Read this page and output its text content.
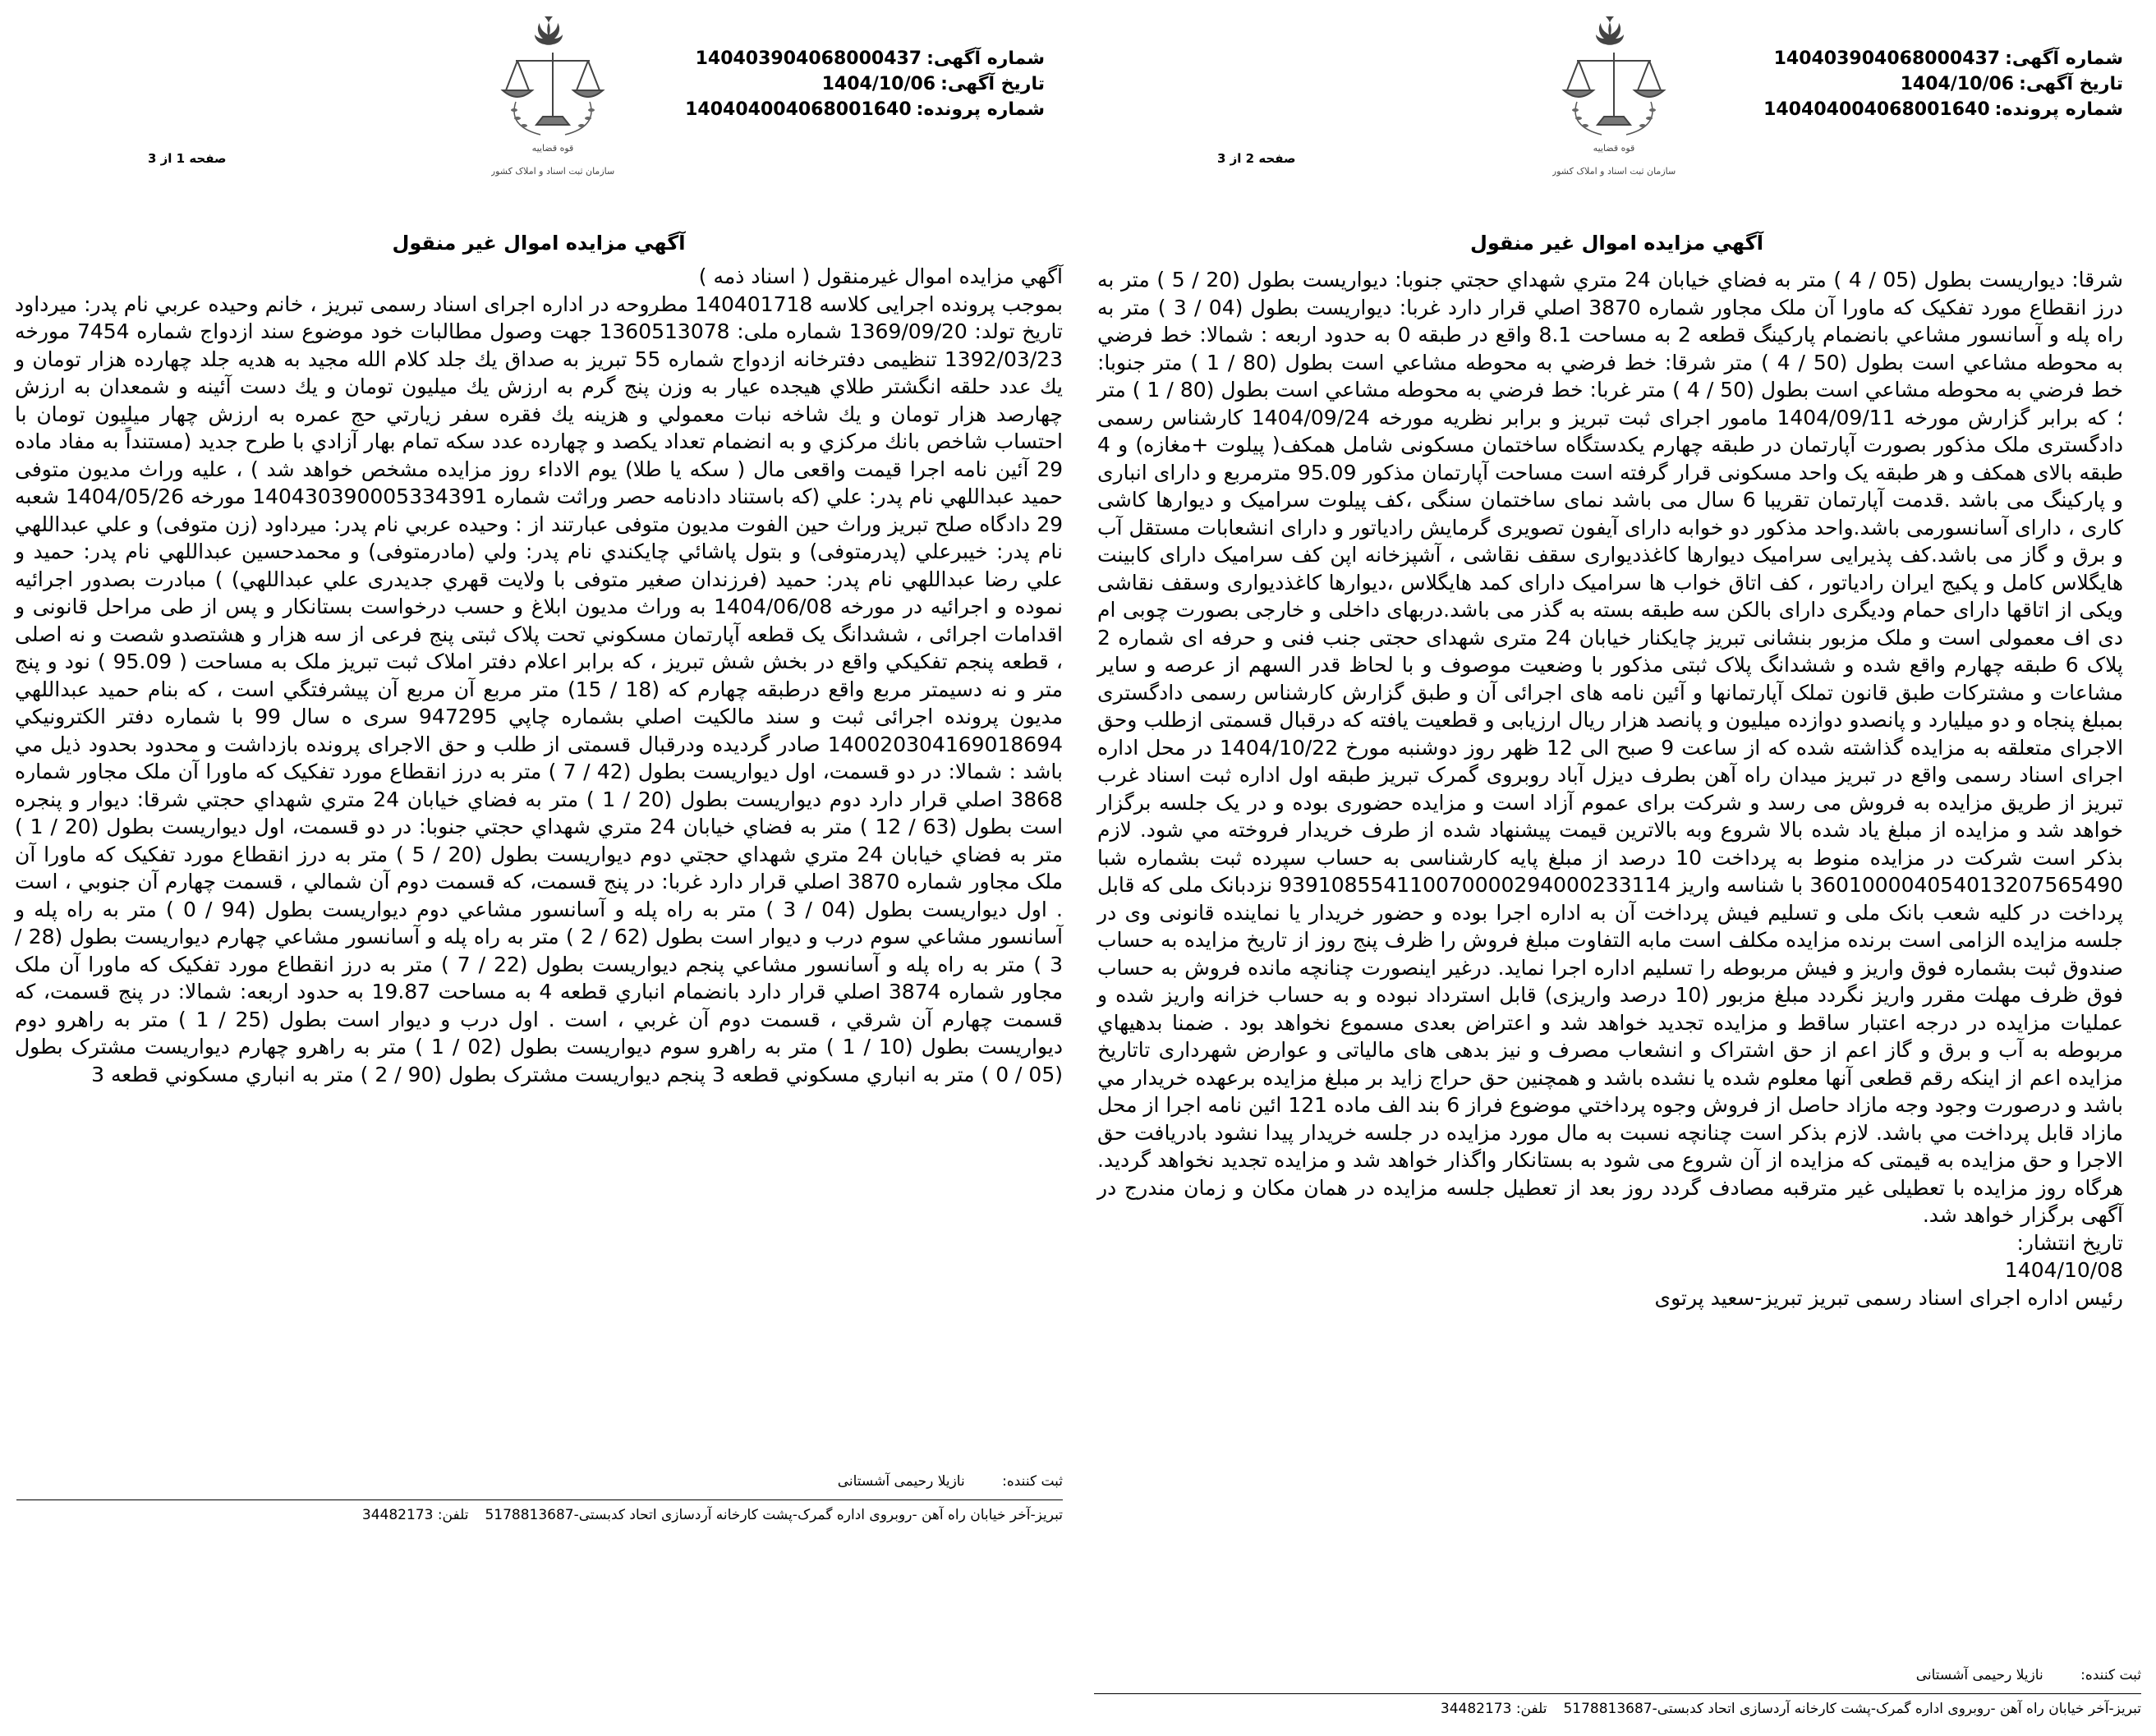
شماره آگهی:140403904068000437
تاریخ آگهی:1404/10/06
شماره پرونده:140404004068001640
قوه قضاییه
سازمان ثبت اسناد و املاک کشور
صفحه 1 از 3
آگهي مزايده اموال غير منقول
آگهي مزايده اموال غيرمنقول ( اسناد ذمه )
بموجب پرونده اجرايی كلاسه 140401718 مطروحه در اداره اجرای اسناد رسمی تبريز ، خانم وحيده عربي نام پدر: ميرداود تاريخ تولد: 1369/09/20 شماره ملی: 1360513078 جهت وصول مطالبات خود موضوع سند ازدواج شماره 7454 مورخه 1392/03/23 تنظيمی دفترخانه ازدواج شماره 55 تبريز به صداق يك جلد كلام الله مجيد به هديه جلد چهارده هزار تومان و يك عدد حلقه انگشتر طلاي هيجده عيار به وزن پنج گرم به ارزش يك ميليون تومان و يك دست آئينه و شمعدان به ارزش چهارصد هزار تومان و يك شاخه نبات معمولي و هزينه يك فقره سفر زيارتي حج عمره به ارزش چهار ميليون تومان با احتساب شاخص بانك مركزي و به انضمام تعداد يكصد و چهارده عدد سكه تمام بهار آزادي با طرح جديد (مستنداً به مفاد ماده 29 آئين نامه اجرا قيمت واقعی مال ( سكه يا طلا) يوم الاداء روز مزايده مشخص خواهد شد ) ، عليه وراث مديون متوفی حميد عبداللهي نام پدر: علي (كه باستناد دادنامه حصر وراثت شماره 140430390005334391 مورخه 1404/05/26 شعبه 29 دادگاه صلح تبريز وراث حين الفوت مديون متوفی عبارتند از : وحيده عربي نام پدر: ميرداود (زن متوفی) و علي عبداللهي نام پدر: خيبرعلي (پدرمتوفی) و بتول پاشائي چايكندي نام پدر: ولي (مادرمتوفی) و محمدحسين عبداللهي نام پدر: حميد و علي رضا عبداللهي نام پدر: حميد (فرزندان صغير متوفی با ولايت قهري جديدری علي عبداللهي) ) مبادرت بصدور اجرائيه نموده و اجرائيه در مورخه 1404/06/08 به وراث مديون ابلاغ و حسب درخواست بستانكار و پس از طی مراحل قانونی و اقدامات اجرائی ، ششدانگ يک قطعه آپارتمان مسكوني تحت پلاک ثبتی پنج فرعی از سه هزار و هشتصدو شصت و نه اصلی ، قطعه پنجم تفكيكي واقع در بخش شش تبريز ، كه برابر اعلام دفتر املاک ثبت تبريز ملک به مساحت ( 95.09 ) نود و پنج متر و نه دسيمتر مربع واقع درطبقه چهارم كه (18 / 15) متر مربع آن مربع آن پيشرفتگي است ، كه بنام حميد عبداللهي مديون پرونده اجرائی ثبت و سند مالكيت اصلي بشماره چاپي 947295 سری ه سال 99 با شماره دفتر الكترونيكي 140020304169018694 صادر گرديده ودرقبال قسمتی از طلب و حق الاجرای پرونده بازداشت و محدود بحدود ذيل مي باشد : شمالا: در دو قسمت، اول ديواريست بطول (42 / 7 ) متر به درز انقطاع مورد تفكيک كه ماورا آن ملک مجاور شماره 3868 اصلي قرار دارد دوم ديواريست بطول (20 / 1 ) متر به فضاي خيابان 24 متري شهداي حجتي شرقا: ديوار و پنجره است بطول (63 / 12 ) متر به فضاي خيابان 24 متري شهداي حجتي جنوبا: در دو قسمت، اول ديواريست بطول (20 / 1 ) متر به فضاي خيابان 24 متري شهداي حجتي دوم ديواريست بطول (20 / 5 ) متر به درز انقطاع مورد تفكيک كه ماورا آن ملک مجاور شماره 3870 اصلي قرار دارد غربا: در پنج قسمت، كه قسمت دوم آن شمالي ، قسمت چهارم آن جنوبي ، است . اول ديواريست بطول (04 / 3 ) متر به راه پله و آسانسور مشاعي دوم ديواريست بطول (94 / 0 ) متر به راه پله و آسانسور مشاعي سوم درب و ديوار است بطول (62 / 2 ) متر به راه پله و آسانسور مشاعي چهارم ديواريست بطول (28 / 3 ) متر به راه پله و آسانسور مشاعي پنجم ديواريست بطول (22 / 7 ) متر به درز انقطاع مورد تفكيک كه ماورا آن ملک مجاور شماره 3874 اصلي قرار دارد بانضمام انباري قطعه 4 به مساحت 19.87 به حدود اربعه: شمالا: در پنج قسمت، كه قسمت چهارم آن شرقي ، قسمت دوم آن غربي ، است . اول درب و ديوار است بطول (25 / 1 ) متر به راهرو دوم ديواريست بطول (10 / 1 ) متر به راهرو سوم ديواريست بطول (02 / 1 ) متر به راهرو چهارم ديواريست مشترک بطول (05 / 0 ) متر به انباري مسكوني قطعه 3 پنجم ديواريست مشترک بطول (90 / 2 ) متر به انباري مسكوني قطعه 3
ثبت کننده: نازیلا رحیمی آشستانی
تبریز-آخر خیابان راه آهن -روبروی اداره گمرک-پشت کارخانه آردسازی اتحاد کدبستی-5178813687تلفن: 34482173
شماره آگهی:140403904068000437
تاریخ آگهی:1404/10/06
شماره پرونده:140404004068001640
قوه قضاییه
سازمان ثبت اسناد و املاک کشور
صفحه 2 از 3
آگهي مزايده اموال غير منقول
شرقا: ديواريست بطول (05 / 4 ) متر به فضاي خيابان 24 متري شهداي حجتي جنوبا: ديواريست بطول (20 / 5 ) متر به درز انقطاع مورد تفكيک كه ماورا آن ملک مجاور شماره 3870 اصلي قرار دارد غربا: ديواريست بطول (04 / 3 ) متر به راه پله و آسانسور مشاعي بانضمام پاركينگ قطعه 2 به مساحت 8.1 واقع در طبقه 0 به حدود اربعه : شمالا: خط فرضي به محوطه مشاعي است بطول (50 / 4 ) متر شرقا: خط فرضي به محوطه مشاعي است بطول (80 / 1 ) متر جنوبا: خط فرضي به محوطه مشاعي است بطول (50 / 4 ) متر غربا: خط فرضي به محوطه مشاعي است بطول (80 / 1 ) متر ؛ كه برابر گزارش مورخه 1404/09/11 مامور اجرای ثبت تبريز و برابر نظريه مورخه 1404/09/24 كارشناس رسمی دادگستری ملک مذكور بصورت آپارتمان در طبقه چهارم يكدستگاه ساختمان مسكونی شامل همكف( پيلوت +مغازه) و 4 طبقه بالای همكف و هر طبقه يک واحد مسكونی قرار گرفته است مساحت آپارتمان مذكور 95.09 مترمربع و دارای انباری و پاركينگ می باشد .قدمت آپارتمان تقريبا 6 سال می باشد نمای ساختمان سنگی ،كف پيلوت سراميک و ديوارها كاشی كاری ، دارای آسانسورمی باشد.واحد مذكور دو خوابه دارای آيفون تصويری گرمايش رادياتور و دارای انشعابات مستقل آب و برق و گاز می باشد.كف پذيرايی سراميک ديوارها كاغذديواری سقف نقاشی ، آشپزخانه اپن كف سراميک دارای كابينت هايگلاس كامل و پكيج ايران رادياتور ، كف اتاق خواب ها سراميک دارای كمد هايگلاس ،ديوارها كاغذديواری وسقف نقاشی ويكی از اتاقها دارای حمام ودیگری دارای بالكن سه طبقه بسته به گذر می باشد.دربهای داخلی و خارجی بصورت چوبی ام دی اف معمولی است و ملک مزبور بنشانی تبريز چايكنار خيابان 24 متری شهدای حجتی جنب فنی و حرفه ای شماره 2 پلاک 6 طبقه چهارم واقع شده و ششدانگ پلاک ثبتی مذكور با وضعيت موصوف و با لحاظ قدر السهم از عرصه و ساير مشاعات و مشتركات طبق قانون تملک آپارتمانها و آئين نامه های اجرائی آن و طبق گزارش كارشناس رسمی دادگستری بمبلغ پنجاه و دو ميليارد و پانصدو دوازده ميليون و پانصد هزار ريال ارزيابی و قطعيت يافته كه درقبال قسمتی ازطلب وحق الاجرای متعلقه به مزايده گذاشته شده كه از ساعت 9 صبح الی 12 ظهر روز دوشنبه مورخ 1404/10/22 در محل اداره اجرای اسناد رسمی واقع در تبريز ميدان راه آهن بطرف ديزل آباد روبروی گمرک تبريز طبقه اول اداره ثبت اسناد غرب تبريز از طريق مزايده به فروش می رسد و شركت برای عموم آزاد است و مزايده حضوری بوده و در يک جلسه برگزار خواهد شد و مزايده از مبلغ ياد شده بالا شروع وبه بالاترين قيمت پيشنهاد شده از طرف خريدار فروخته مي شود. لازم بذكر است شركت در مزايده منوط به پرداخت 10 درصد از مبلغ پايه كارشناسی به حساب سپرده ثبت بشماره شبا 360100004054013207565490 با شناسه واريز 939108554110070000294000233114 نزدبانک ملی كه قابل پرداخت در كليه شعب بانک ملی و تسليم فيش پرداخت آن به اداره اجرا بوده و حضور خريدار يا نماينده قانونی وی در جلسه مزايده الزامی است برنده مزايده مكلف است مابه التفاوت مبلغ فروش را ظرف پنج روز از تاريخ مزايده به حساب صندوق ثبت بشماره فوق واريز و فيش مربوطه را تسليم اداره اجرا نمايد. درغير اينصورت چنانچه مانده فروش به حساب فوق ظرف مهلت مقرر واريز نگردد مبلغ مزبور (10 درصد واريزی) قابل استرداد نبوده و به حساب خزانه واريز شده و عمليات مزايده در درجه اعتبار ساقط و مزايده تجديد خواهد شد و اعتراض بعدی مسموع نخواهد بود . ضمنا بدهيهاي مربوطه به آب و برق و گاز اعم از حق اشتراک و انشعاب مصرف و نيز بدهی های مالياتی و عوارض شهرداری تاتاريخ مزايده اعم از اينكه رقم قطعی آنها معلوم شده يا نشده باشد و همچنين حق حراج زايد بر مبلغ مزايده برعهده خريدار مي باشد و درصورت وجود وجه مازاد حاصل از فروش وجوه پرداختي موضوع فراز 6 بند الف ماده 121 ائين نامه اجرا از محل مازاد قابل پرداخت مي باشد. لازم بذكر است چنانچه نسبت به مال مورد مزايده در جلسه خريدار پيدا نشود بادريافت حق الاجرا و حق مزايده به قيمتی كه مزايده از آن شروع می شود به بستانكار واگذار خواهد شد و مزايده تجديد نخواهد گرديد. هرگاه روز مزايده با تعطيلی غير مترقبه مصادف گردد روز بعد از تعطيل جلسه مزايده در همان مكان و زمان مندرج در آگهی برگزار خواهد شد.
تاريخ انتشار:
1404/10/08
رئيس اداره اجرای اسناد رسمی تبريز تبريز-سعيد پرتوی
ثبت کننده: نازیلا رحیمی آشستانی
تبریز-آخر خیابان راه آهن -روبروی اداره گمرک-پشت کارخانه آردسازی اتحاد کدبستی-5178813687تلفن: 34482173
